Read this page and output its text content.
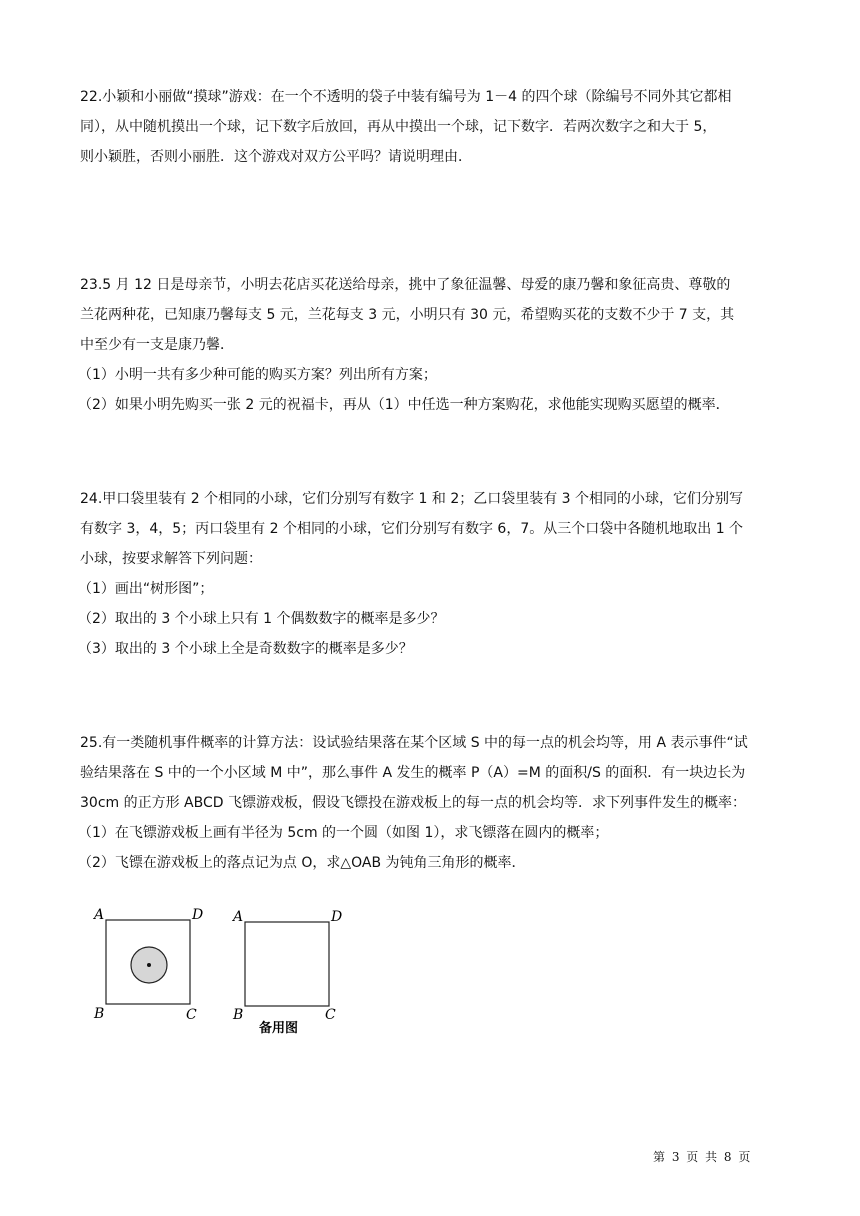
22.小颖和小丽做“摸球”游戏：在一个不透明的袋子中装有编号为 1－4 的四个球（除编号不同外其它都相

同），从中随机摸出一个球，记下数字后放回，再从中摸出一个球，记下数字．若两次数字之和大于 5，

则小颖胜，否则小丽胜．这个游戏对双方公平吗？请说明理由．

23.5 月 12 日是母亲节，小明去花店买花送给母亲，挑中了象征温馨、母爱的康乃馨和象征高贵、尊敬的

兰花两种花，已知康乃馨每支 5 元，兰花每支 3 元，小明只有 30 元，希望购买花的支数不少于 7 支，其

中至少有一支是康乃馨．

（1）小明一共有多少种可能的购买方案？列出所有方案；

（2）如果小明先购买一张 2 元的祝福卡，再从（1）中任选一种方案购花，求他能实现购买愿望的概率．

24.甲口袋里装有 2 个相同的小球，它们分别写有数字 1 和 2；乙口袋里装有 3 个相同的小球，它们分别写

有数字 3，4，5；丙口袋里有 2 个相同的小球，它们分别写有数字 6，7。从三个口袋中各随机地取出 1 个

小球，按要求解答下列问题：

（1）画出“树形图”；

（2）取出的 3 个小球上只有 1 个偶数数字的概率是多少？

（3）取出的 3 个小球上全是奇数数字的概率是多少？

25.有一类随机事件概率的计算方法：设试验结果落在某个区域 S 中的每一点的机会均等，用 A 表示事件“试

验结果落在 S 中的一个小区域 M 中”，那么事件 A 发生的概率 P（A）=M 的面积/S 的面积．有一块边长为

30cm 的正方形 ABCD 飞镖游戏板，假设飞镖投在游戏板上的每一点的机会均等．求下列事件发生的概率：

（1）在飞镖游戏板上画有半径为 5cm 的一个圆（如图 1），求飞镖落在圆内的概率；

（2）飞镖在游戏板上的落点记为点 O，求△OAB 为钝角三角形的概率．

A	D
B	C
A	D
B	C
备用图
第 3 页 共 8 页
